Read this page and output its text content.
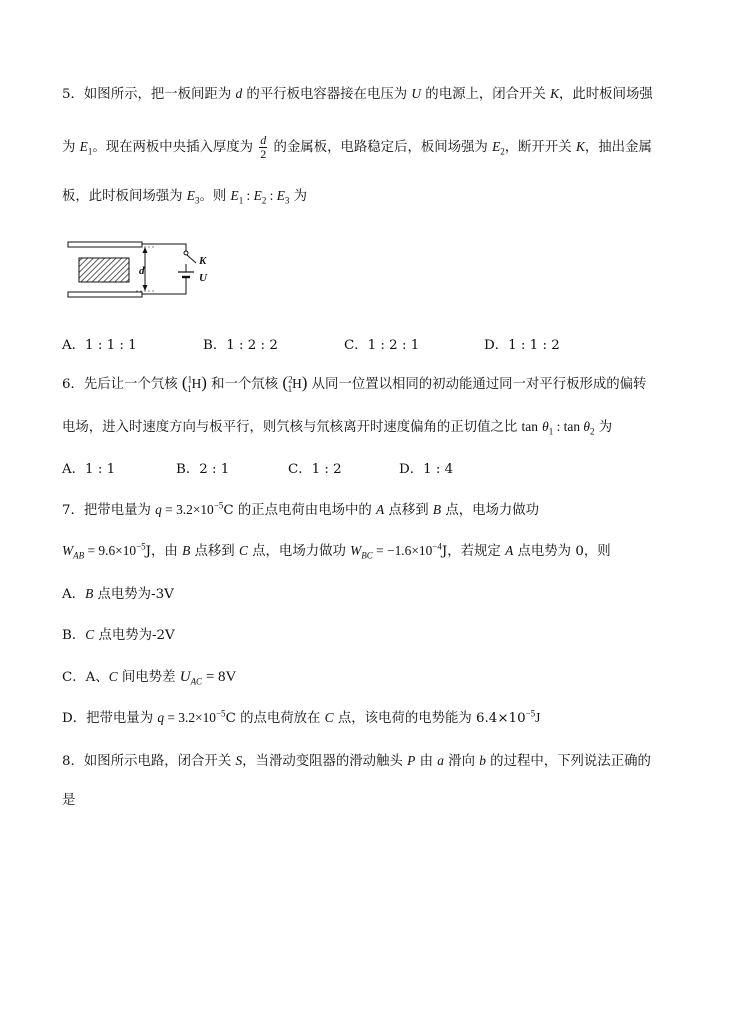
5．如图所示，把一板间距为 d 的平行板电容器接在电压为 U 的电源上，闭合开关 K，此时板间场强
为 $E_1$。现在两板中央插入厚度为 $\frac{d}{2}$ 的金属板，电路稳定后，板间场强为 $E_2$，断开开关 K，抽出金属
板，此时板间场强为 $E_3$。则 $E_1$ : $E_2$ : $E_3$ 为
d
K
U
A．1 : 1 : 1	B．1 : 2 : 2	C．1 : 2 : 1	D．1 : 1 : 2
6．先后让一个氕核 ($^1_1$H) 和一个氘核 ($^2_1$H) 从同一位置以相同的初动能通过同一对平行板形成的偏转
电场，进入时速度方向与板平行，则氕核与氘核离开时速度偏角的正切值之比 $\tan \theta_1$ : $\tan \theta_2$ 为
A．1 : 1	B．2 : 1	C．1 : 2	D．1 : 4
7．把带电量为 $q = 3.2\times 10^{-5}C$ 的正点电荷由电场中的 A 点移到 B 点，电场力做功
$W_{AB} = 9.6\times 10^{-5}J$，由 B 点移到 C 点，电场力做功 $W_{BC} = -1.6\times 10^{-4}J$，若规定 A 点电势为 0，则
A．B 点电势为-3V
B．C 点电势为-2V
C．A、C 间电势差 $U_{AC} = 8V$
D．把带电量为 $q = 3.2\times 10^{-5}C$ 的点电荷放在 C 点，该电荷的电势能为 $6.4\times 10^{-5}J$
8．如图所示电路，闭合开关 S，当滑动变阻器的滑动触头 P 由 a 滑向 b 的过程中，下列说法正确的
是
